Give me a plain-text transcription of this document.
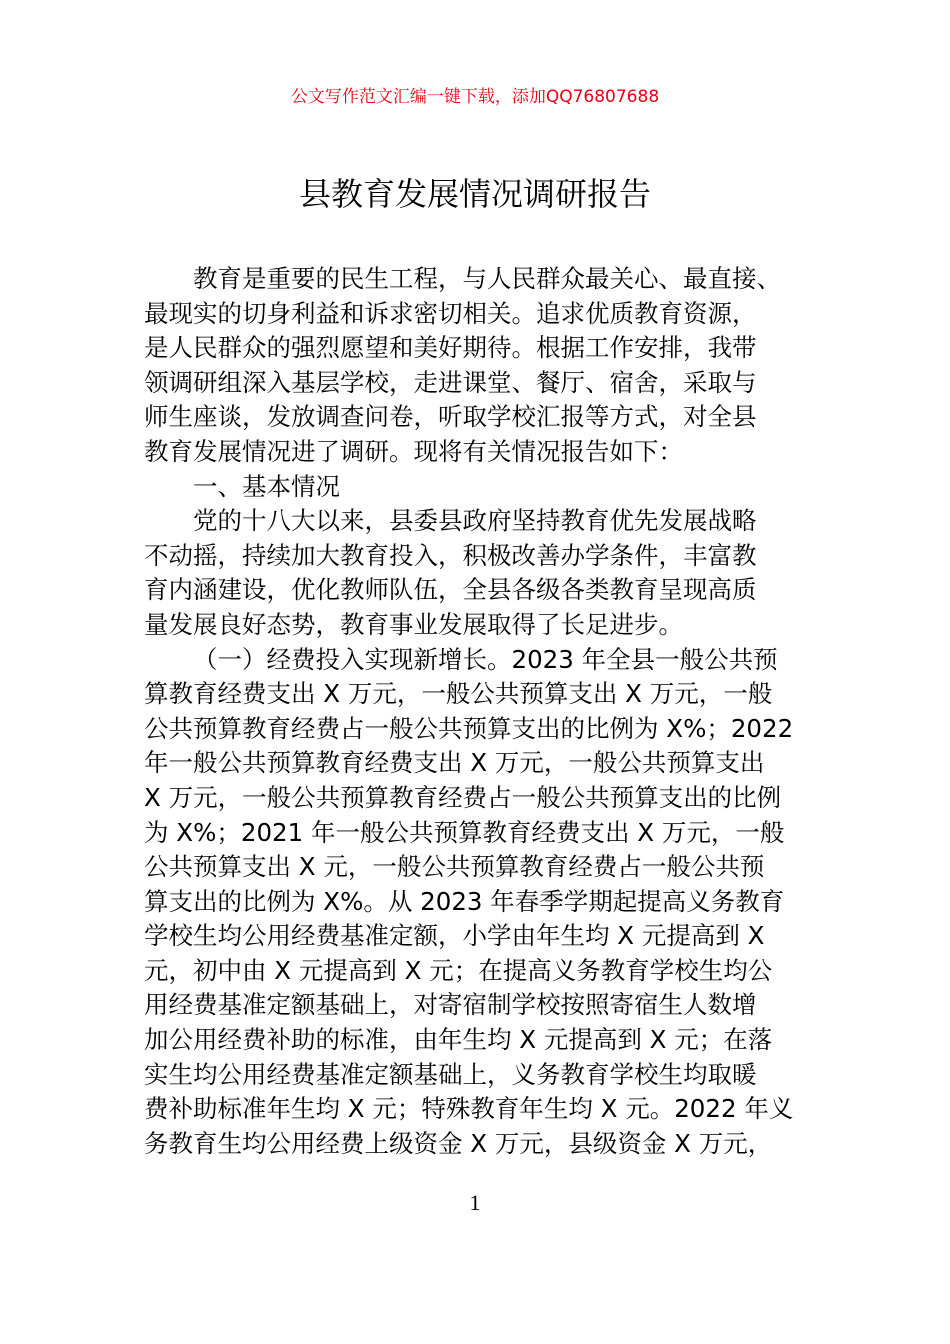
公文写作范文汇编一键下载，添加QQ76807688
县教育发展情况调研报告
教育是重要的民生工程，与人民群众最关心、最直接、
最现实的切身利益和诉求密切相关。追求优质教育资源，
是人民群众的强烈愿望和美好期待。根据工作安排，我带
领调研组深入基层学校，走进课堂、餐厅、宿舍，采取与
师生座谈，发放调查问卷，听取学校汇报等方式，对全县
教育发展情况进了调研。现将有关情况报告如下：
一、基本情况
党的十八大以来，县委县政府坚持教育优先发展战略
不动摇，持续加大教育投入，积极改善办学条件，丰富教
育内涵建设，优化教师队伍，全县各级各类教育呈现高质
量发展良好态势，教育事业发展取得了长足进步。
（一）经费投入实现新增长。2023 年全县一般公共预
算教育经费支出 X 万元，一般公共预算支出 X 万元，一般
公共预算教育经费占一般公共预算支出的比例为 X%；2022
年一般公共预算教育经费支出 X 万元，一般公共预算支出
X 万元，一般公共预算教育经费占一般公共预算支出的比例
为 X%；2021 年一般公共预算教育经费支出 X 万元，一般
公共预算支出 X 元，一般公共预算教育经费占一般公共预
算支出的比例为 X%。从 2023 年春季学期起提高义务教育
学校生均公用经费基准定额，小学由年生均 X 元提高到 X
元，初中由 X 元提高到 X 元；在提高义务教育学校生均公
用经费基准定额基础上，对寄宿制学校按照寄宿生人数增
加公用经费补助的标准，由年生均 X 元提高到 X 元；在落
实生均公用经费基准定额基础上，义务教育学校生均取暖
费补助标准年生均 X 元；特殊教育年生均 X 元。2022 年义
务教育生均公用经费上级资金 X 万元，县级资金 X 万元，
1
